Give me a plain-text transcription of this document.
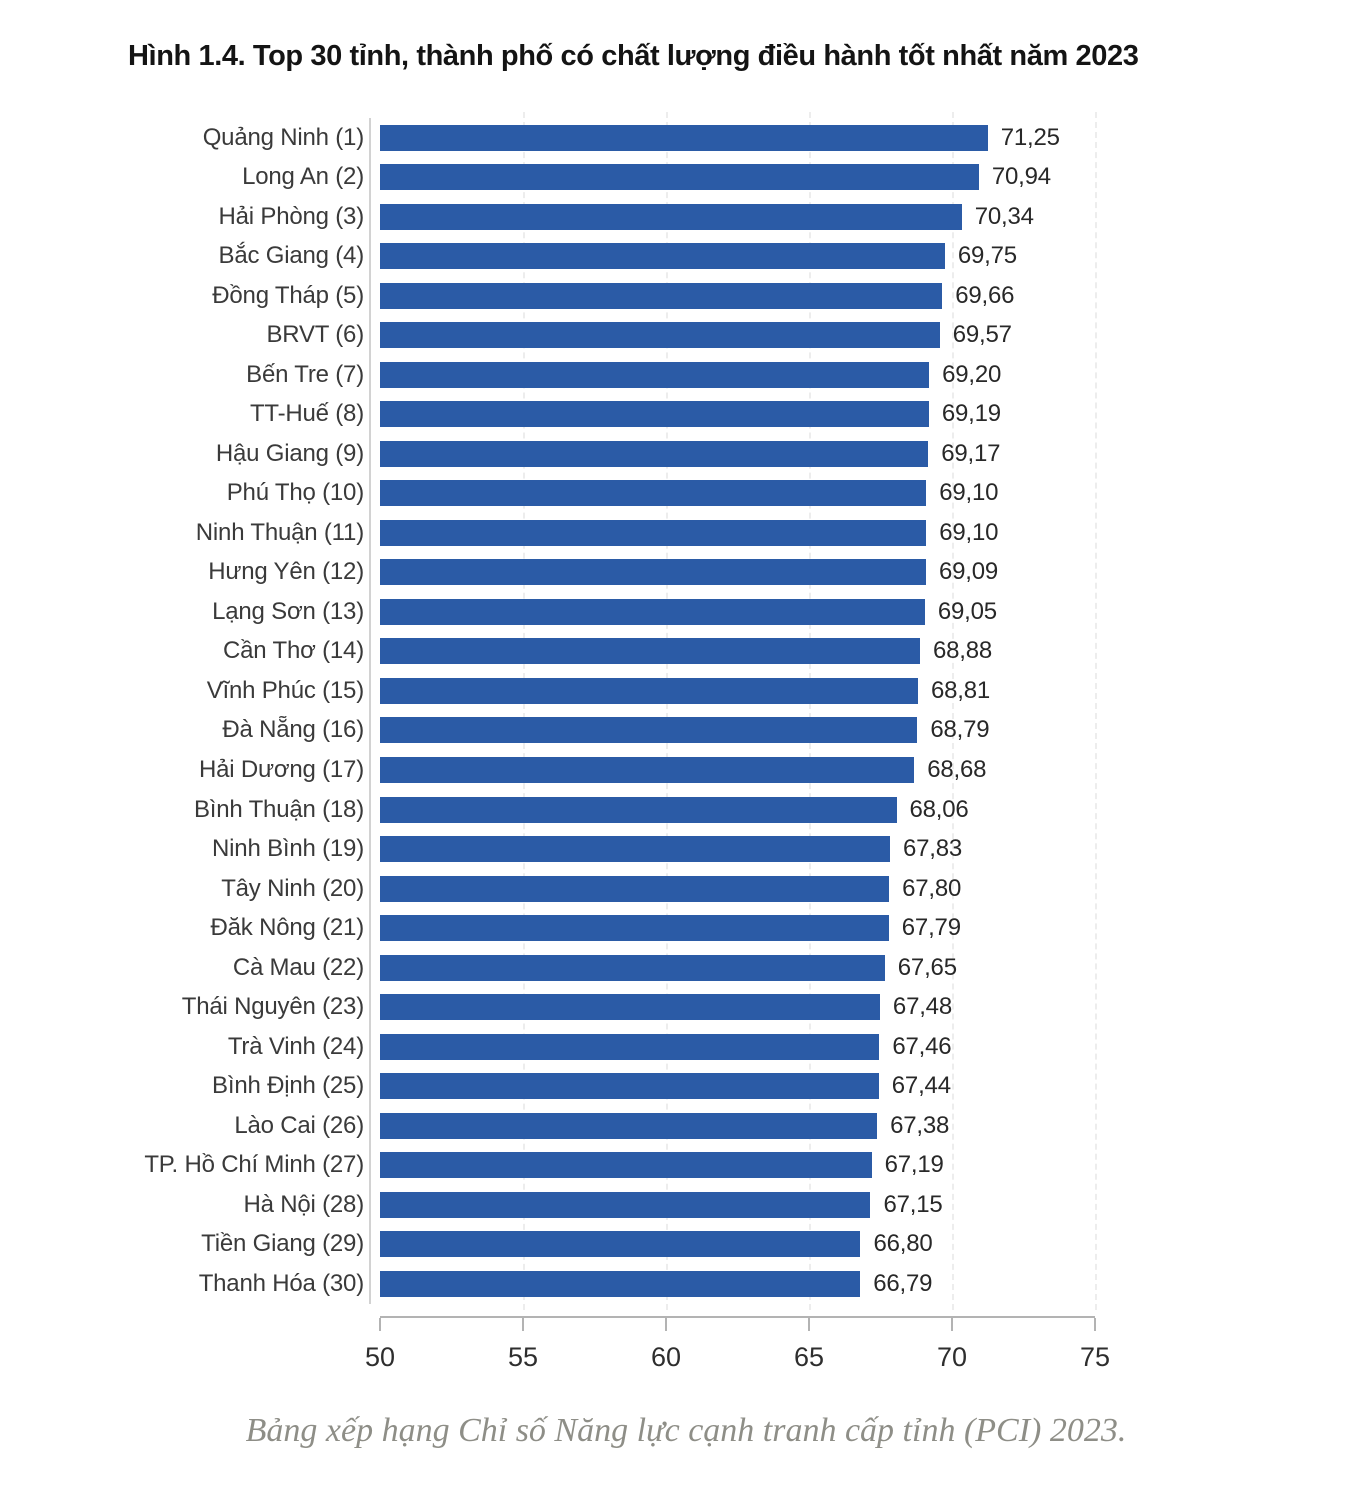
Hình 1.4. Top 30 tỉnh, thành phố có chất lượng điều hành tốt nhất năm 2023
Quảng Ninh (1)	71,25
Long An (2)	70,94
Hải Phòng (3)	70,34
Bắc Giang (4)	69,75
Đồng Tháp (5)	69,66
BRVT (6)	69,57
Bến Tre (7)	69,20
TT-Huế (8)	69,19
Hậu Giang (9)	69,17
Phú Thọ (10)	69,10
Ninh Thuận (11)	69,10
Hưng Yên (12)	69,09
Lạng Sơn (13)	69,05
Cần Thơ (14)	68,88
Vĩnh Phúc (15)	68,81
Đà Nẵng (16)	68,79
Hải Dương (17)	68,68
Bình Thuận (18)	68,06
Ninh Bình (19)	67,83
Tây Ninh (20)	67,80
Đăk Nông (21)	67,79
Cà Mau (22)	67,65
Thái Nguyên (23)	67,48
Trà Vinh (24)	67,46
Bình Định (25)	67,44
Lào Cai (26)	67,38
TP. Hồ Chí Minh (27)	67,19
Hà Nội (28)	67,15
Tiền Giang (29)	66,80
Thanh Hóa (30)	66,79
50	55	60	65	70	75

Bảng xếp hạng Chỉ số Năng lực cạnh tranh cấp tỉnh (PCI) 2023.
